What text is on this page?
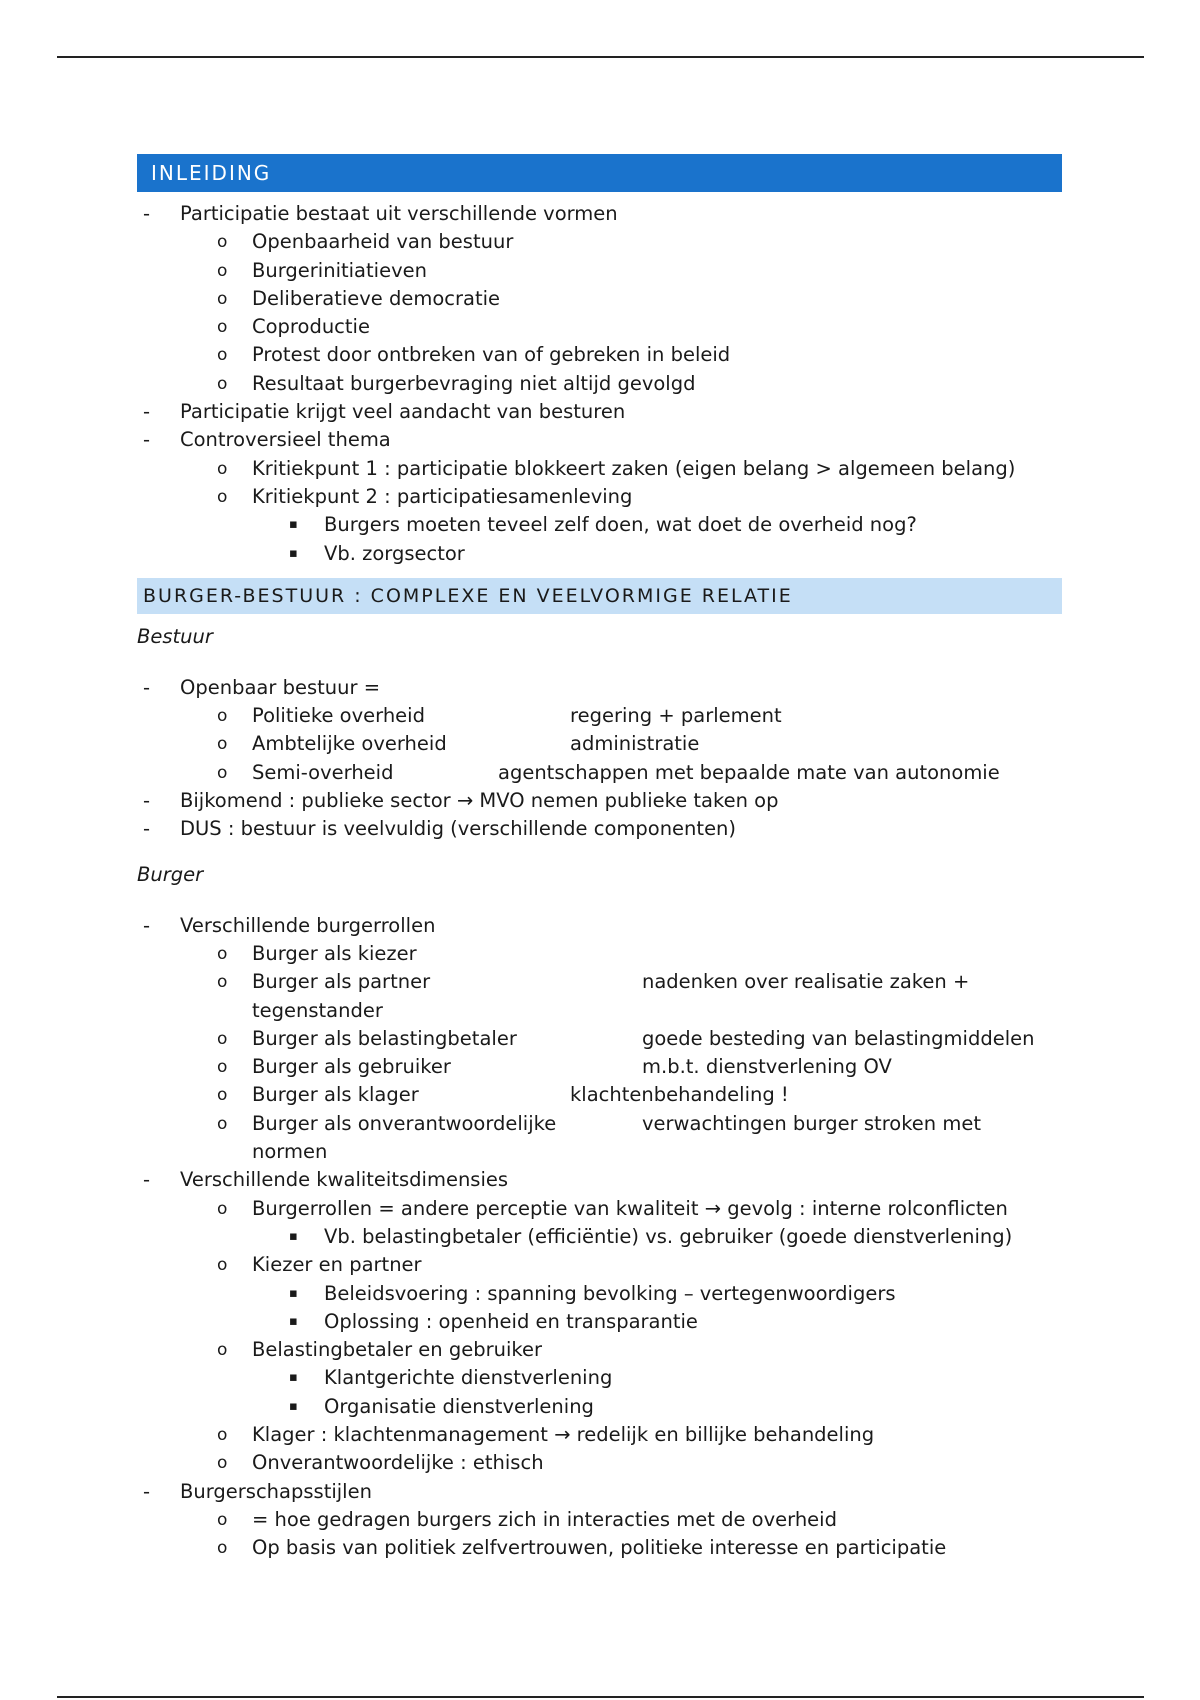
INLEIDING
- Participatie bestaat uit verschillende vormen
o Openbaarheid van bestuur
o Burgerinitiatieven
o Deliberatieve democratie
o Coproductie
o Protest door ontbreken van of gebreken in beleid
o Resultaat burgerbevraging niet altijd gevolgd
- Participatie krijgt veel aandacht van besturen
- Controversieel thema
o Kritiekpunt 1 : participatie blokkeert zaken (eigen belang > algemeen belang)
o Kritiekpunt 2 : participatiesamenleving
▪ Burgers moeten teveel zelf doen, wat doet de overheid nog?
▪ Vb. zorgsector
BURGER-BESTUUR : COMPLEXE EN VEELVORMIGE RELATIE
Bestuur
- Openbaar bestuur =
o Politieke overheid	regering + parlement
o Ambtelijke overheid	administratie
o Semi-overheid	agentschappen met bepaalde mate van autonomie
- Bijkomend : publieke sector → MVO nemen publieke taken op
- DUS : bestuur is veelvuldig (verschillende componenten)
Burger
- Verschillende burgerrollen
o Burger als kiezer
o Burger als partner	nadenken over realisatie zaken +
tegenstander
o Burger als belastingbetaler	goede besteding van belastingmiddelen
o Burger als gebruiker	m.b.t. dienstverlening OV
o Burger als klager	klachtenbehandeling !
o Burger als onverantwoordelijke	verwachtingen burger stroken met
normen
- Verschillende kwaliteitsdimensies
o Burgerrollen = andere perceptie van kwaliteit → gevolg : interne rolconflicten
▪ Vb. belastingbetaler (efficiëntie) vs. gebruiker (goede dienstverlening)
o Kiezer en partner
▪ Beleidsvoering : spanning bevolking – vertegenwoordigers
▪ Oplossing : openheid en transparantie
o Belastingbetaler en gebruiker
▪ Klantgerichte dienstverlening
▪ Organisatie dienstverlening
o Klager : klachtenmanagement → redelijk en billijke behandeling
o Onverantwoordelijke : ethisch
- Burgerschapsstijlen
o = hoe gedragen burgers zich in interacties met de overheid
o Op basis van politiek zelfvertrouwen, politieke interesse en participatie
